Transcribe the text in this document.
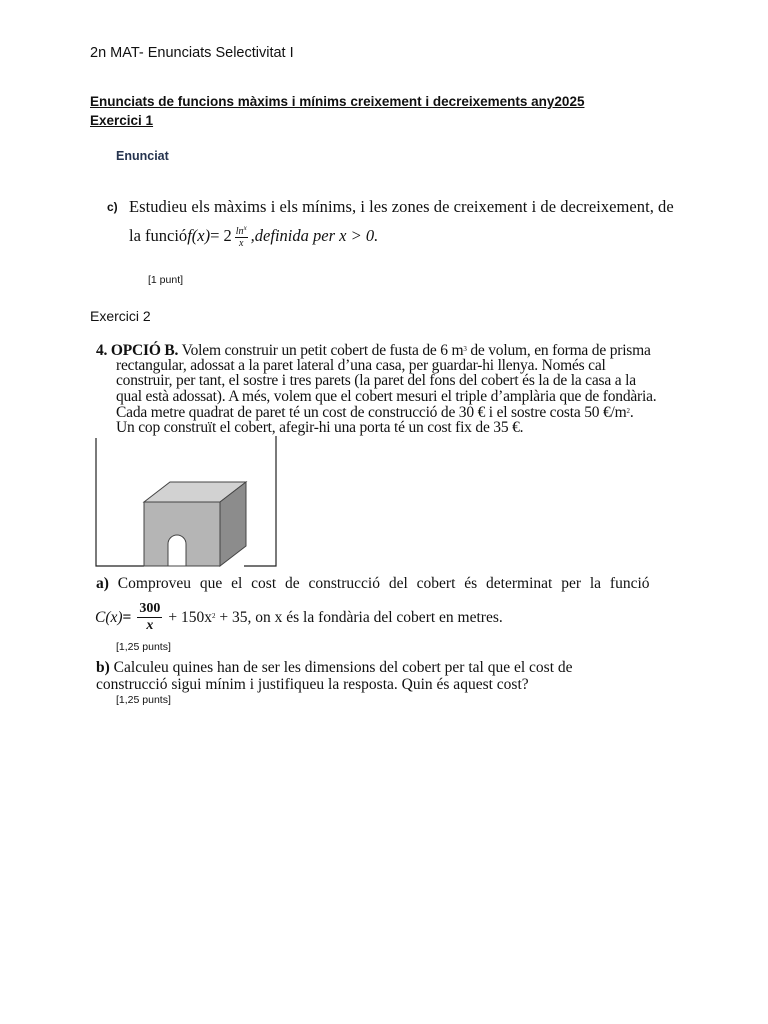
2n MAT- Enunciats Selectivitat I
Enunciats de funcions màxims i mínims creixement i decreixements any2025
Exercici 1
Enunciat
c) Estudieu els màxims i els mínims, i les zones de creixement i de decreixement, de
la funció $f(x) = 2 \frac{\ln^x}{x}$ ,definida per x > 0.
[1 punt]
Exercici 2
4. OPCIÓ B. Volem construir un petit cobert de fusta de 6 $m^3$ de volum, en forma de prisma
rectangular, adossat a la paret lateral d’una casa, per guardar-hi llenya. Només cal
construir, per tant, el sostre i tres parets (la paret del fons del cobert és la de la casa a la
qual està adossat). A més, volem que el cobert mesuri el triple d’amplària que de fondària.
Cada metre quadrat de paret té un cost de construcció de 30 € i el sostre costa 50 $€/m^2$.
Un cop construït el cobert, afegir-hi una porta té un cost fix de 35 €.
a) Comproveu que el cost de construcció del cobert és determinat per la funció
$C(x) = \frac{300}{x} + 150x^2 + 35$, on x és la fondària del cobert en metres.
[1,25 punts]
b) Calculeu quines han de ser les dimensions del cobert per tal que el cost de
construcció sigui mínim i justifiqueu la resposta. Quin és aquest cost?
[1,25 punts]
